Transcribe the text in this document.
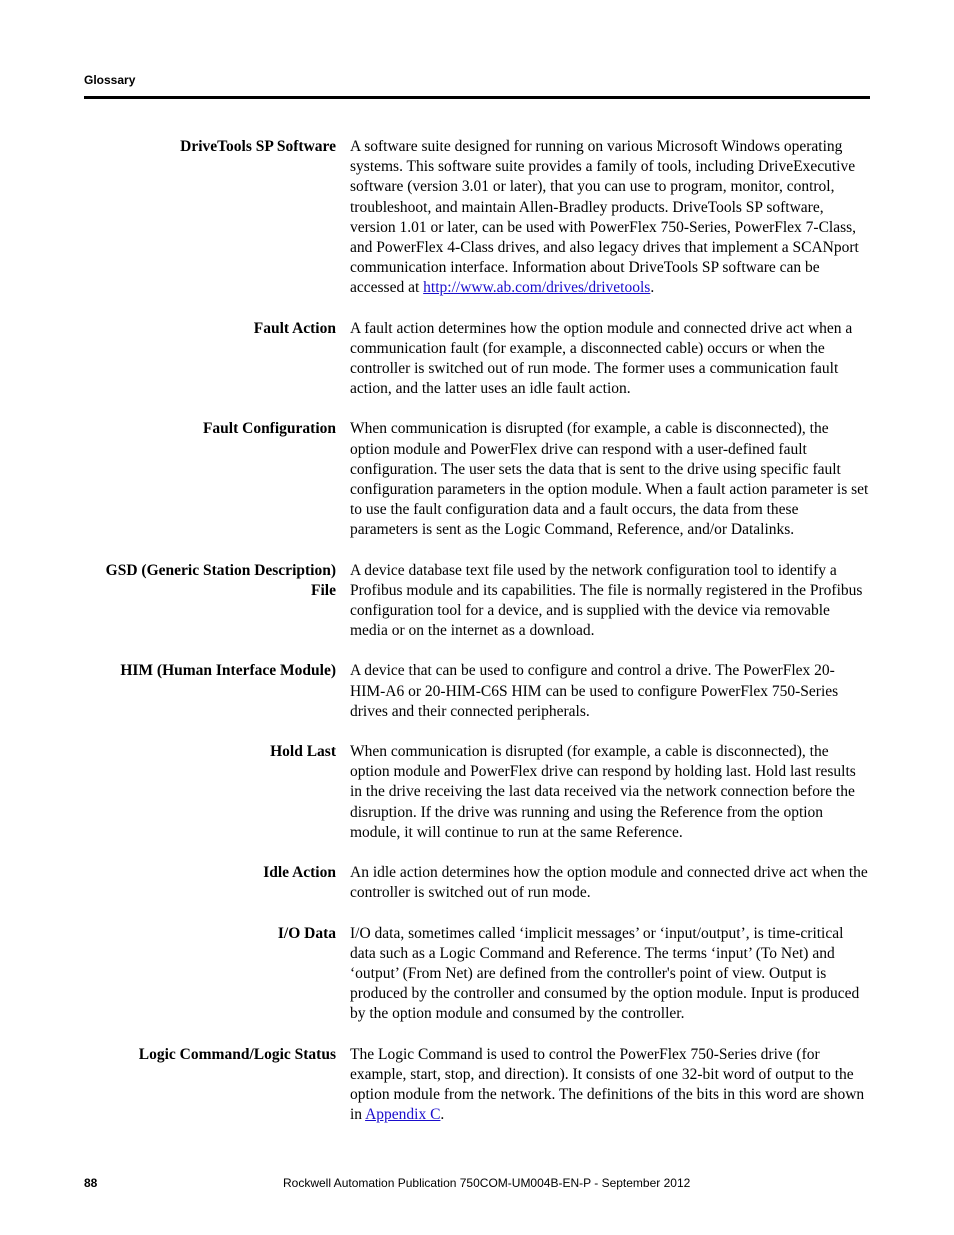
Glossary
DriveTools SP Software A software suite designed for running on various Microsoft Windows operating systems. This software suite provides a family of tools, including DriveExecutive software (version 3.01 or later), that you can use to program, monitor, control, troubleshoot, and maintain Allen-Bradley products. DriveTools SP software, version 1.01 or later, can be used with PowerFlex 750-Series, PowerFlex 7-Class, and PowerFlex 4-Class drives, and also legacy drives that implement a SCANport communication interface. Information about DriveTools SP software can be accessed at http://www.ab.com/drives/drivetools.
Fault Action A fault action determines how the option module and connected drive act when a communication fault (for example, a disconnected cable) occurs or when the controller is switched out of run mode. The former uses a communication fault action, and the latter uses an idle fault action.
Fault Configuration When communication is disrupted (for example, a cable is disconnected), the option module and PowerFlex drive can respond with a user-defined fault configuration. The user sets the data that is sent to the drive using specific fault configuration parameters in the option module. When a fault action parameter is set to use the fault configuration data and a fault occurs, the data from these parameters is sent as the Logic Command, Reference, and/or Datalinks.
GSD (Generic Station Description)
File
A device database text file used by the network configuration tool to identify a Profibus module and its capabilities. The file is normally registered in the Profibus configuration tool for a device, and is supplied with the device via removable media or on the internet as a download.
HIM (Human Interface Module) A device that can be used to configure and control a drive. The PowerFlex 20-HIM-A6 or 20-HIM-C6S HIM can be used to configure PowerFlex 750-Series drives and their connected peripherals.
Hold Last When communication is disrupted (for example, a cable is disconnected), the option module and PowerFlex drive can respond by holding last. Hold last results in the drive receiving the last data received via the network connection before the disruption. If the drive was running and using the Reference from the option module, it will continue to run at the same Reference.
Idle Action An idle action determines how the option module and connected drive act when the controller is switched out of run mode.
I/O Data I/O data, sometimes called ‘implicit messages’ or ‘input/output’, is time-critical data such as a Logic Command and Reference. The terms ‘input’ (To Net) and ‘output’ (From Net) are defined from the controller's point of view. Output is produced by the controller and consumed by the option module. Input is produced by the option module and consumed by the controller.
Logic Command/Logic Status The Logic Command is used to control the PowerFlex 750-Series drive (for example, start, stop, and direction). It consists of one 32-bit word of output to the option module from the network. The definitions of the bits in this word are shown in Appendix C.
88	Rockwell Automation Publication 750COM-UM004B-EN-P - September 2012
